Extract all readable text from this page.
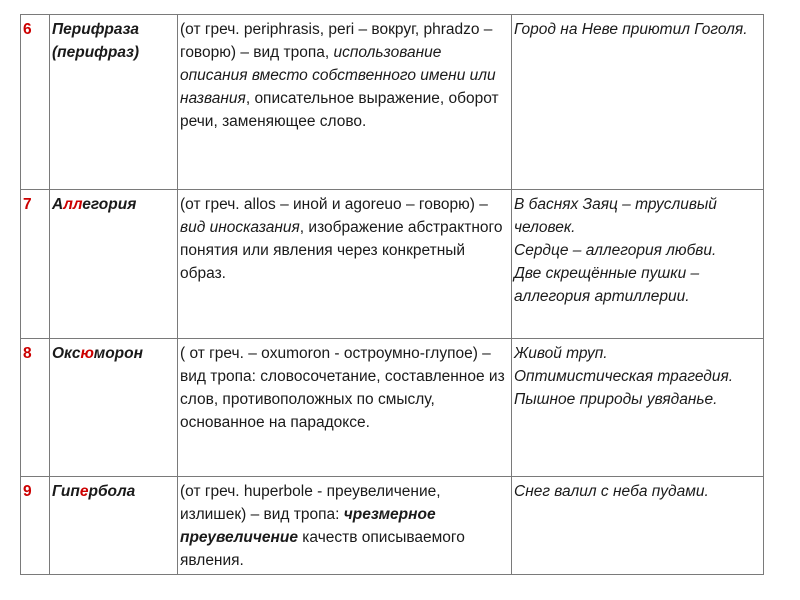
6	Перифраза
(перифраз)	(от греч. periphrasis, peri – вокруг, phradzo – говорю) – вид тропа, использование описания вместо собственного имени или названия, описательное выражение, оборот речи, заменяющее слово.	Город на Неве приютил Гоголя.

7	Аллегория	(от греч. allos – иной и agoreuo – говорю) – вид иносказания, изображение абстрактного понятия или явления через конкретный образ.	В баснях Заяц – трусливый человек.
Сердце – аллегория любви.
Две скрещённые пушки – аллегория артиллерии.

8	Оксюморон	( от греч. – oxumoron - остроумно-глупое) – вид тропа: словосочетание, составленное из слов, противоположных по смыслу, основанное на парадоксе.	Живой труп.
Оптимистическая трагедия.
Пышное природы увяданье.

9	Гипербола	(от греч. huperbole - преувеличение, излишек) – вид тропа: чрезмерное преувеличение качеств описываемого явления.	Снег валил с неба пудами.
